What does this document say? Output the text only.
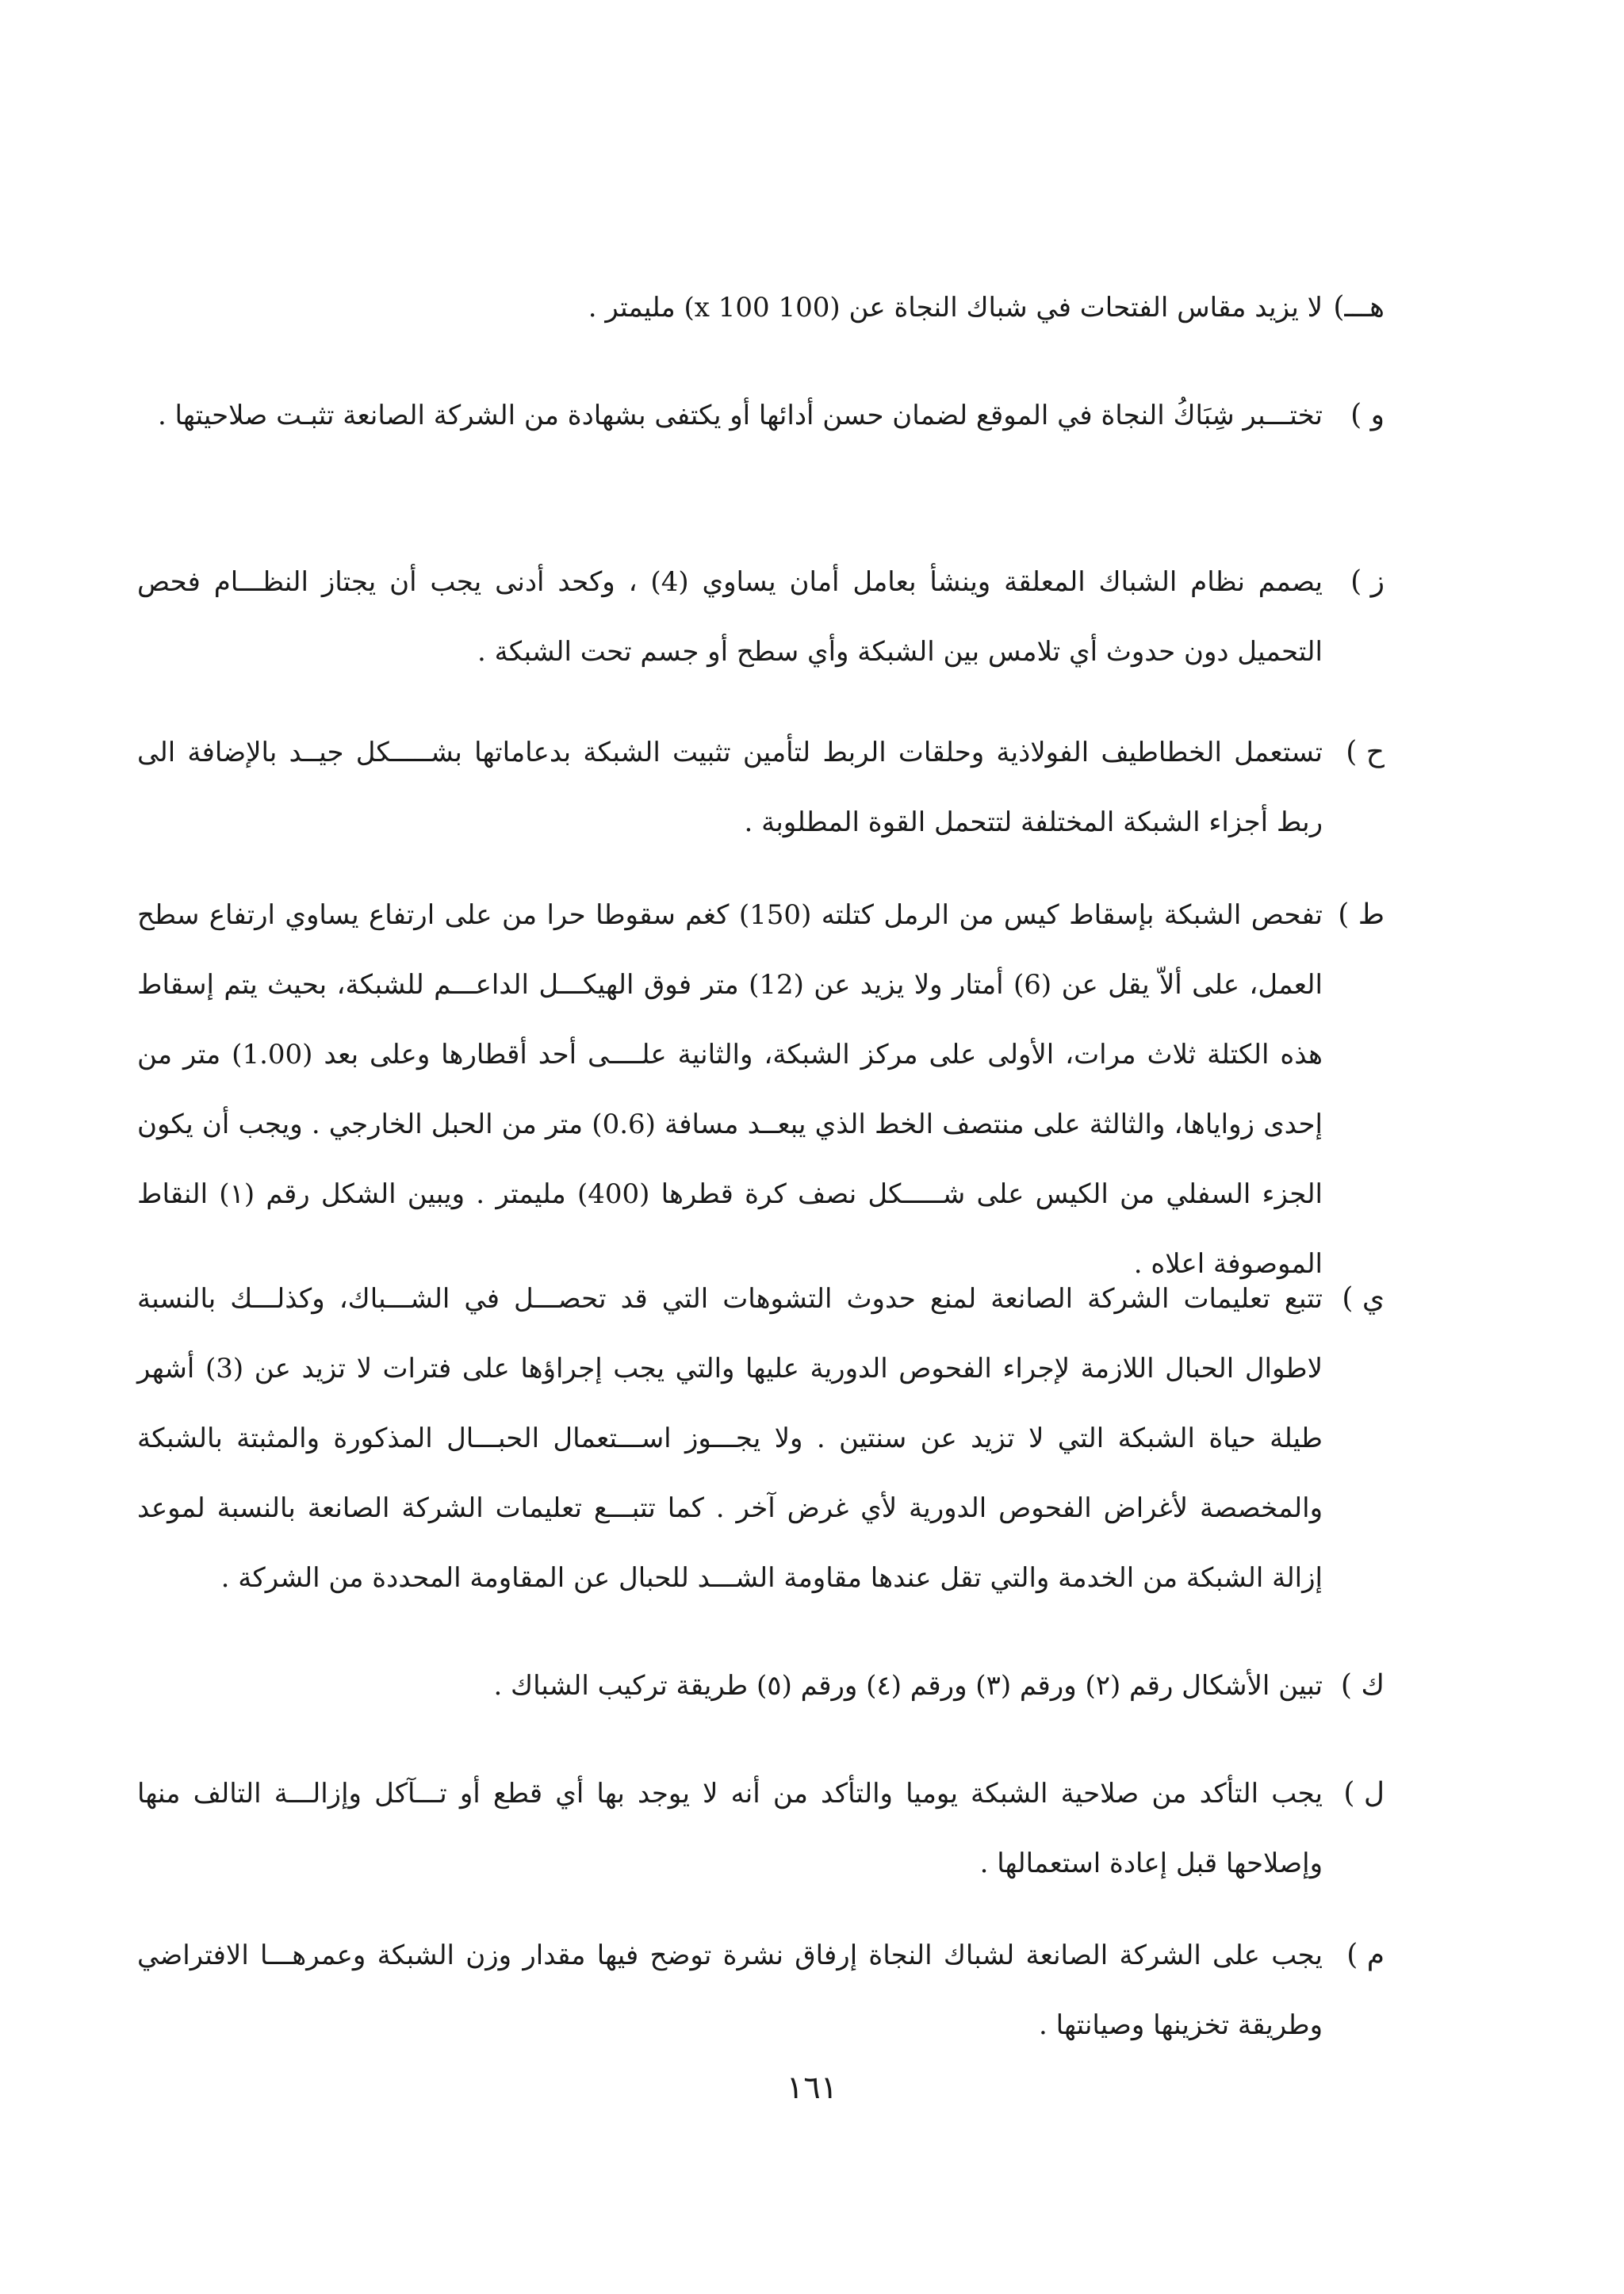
هـــ)

لا يزيد مقاس الفتحات في شباك النجاة عن (100 x 100) مليمتر .

و )

تختـــبر شِبَاكُ النجاة في الموقع لضمان حسن أدائها أو يكتفى بشهادة من الشركة الصانعة تثبـت صلاحيتها .

ز )

يصمم نظام الشباك المعلقة وينشأ بعامل أمان يساوي (4) ، وكحد أدنى يجب أن يجتاز النظـــام فحص التحميل دون حدوث أي تلامس بين الشبكة وأي سطح أو جسم تحت الشبكة .

ح )

تستعمل الخطاطيف الفولاذية وحلقات الربط لتأمين تثبيت الشبكة بدعاماتها بشـــــكل جيــد بالإضافة الى ربط أجزاء الشبكة المختلفة لتتحمل القوة المطلوبة .

ط )

تفحص الشبكة بإسقاط كيس من الرمل كتلته (150) كغم سقوطا حرا من على ارتفاع يساوي ارتفاع سطح العمل، على ألاّ يقل عن (6) أمتار ولا يزيد عن (12) متر فوق الهيكـــل الداعـــم للشبكة، بحيث يتم إسقاط هذه الكتلة ثلاث مرات، الأولى على مركز الشبكة، والثانية علــــى أحد أقطارها وعلى بعد (1.00) متر من إحدى زواياها، والثالثة على منتصف الخط الذي يبعــد مسافة (0.6) متر من الحبل الخارجي . ويجب أن يكون الجزء السفلي من الكيس على شـــــكل نصف كرة قطرها (400) مليمتر . ويبين الشكل رقم (١) النقاط الموصوفة اعلاه .

ي )

تتبع تعليمات الشركة الصانعة لمنع حدوث التشوهات التي قد تحصـــل في الشـــباك، وكذلـــك بالنسبة لاطوال الحبال اللازمة لإجراء الفحوص الدورية عليها والتي يجب إجراؤها على فترات لا تزيد عن (3) أشهر طيلة حياة الشبكة التي لا تزيد عن سنتين . ولا يجـــوز اســـتعمال الحبـــال المذكورة والمثبتة بالشبكة والمخصصة لأغراض الفحوص الدورية لأي غرض آخر . كما تتبـــع تعليمات الشركة الصانعة بالنسبة لموعد إزالة الشبكة من الخدمة والتي تقل عندها مقاومة الشـــد للحبال عن المقاومة المحددة من الشركة .

ك )

تبين الأشكال رقم (٢) ورقم (٣) ورقم (٤) ورقم (٥) طريقة تركيب الشباك .

ل )

يجب التأكد من صلاحية الشبكة يوميا والتأكد من أنه لا يوجد بها أي قطع أو تـــآكل وإزالـــة التالف منها وإصلاحها قبل إعادة استعمالها .

م )

يجب على الشركة الصانعة لشباك النجاة إرفاق نشرة توضح فيها مقدار وزن الشبكة وعمرهـــا الافتراضي وطريقة تخزينها وصيانتها .

١٦١
